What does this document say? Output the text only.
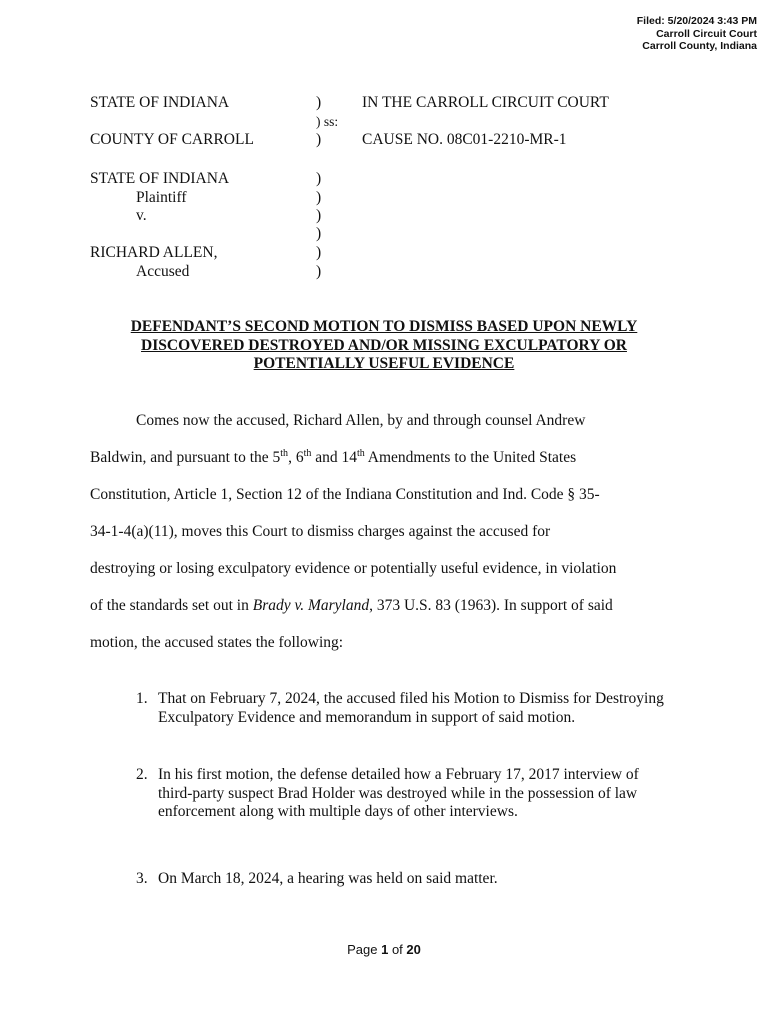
Filed: 5/20/2024 3:43 PM
Carroll Circuit Court
Carroll County, Indiana
STATE OF INDIANA	)	IN THE CARROLL CIRCUIT COURT
) ss:
COUNTY OF CARROLL	)	CAUSE NO. 08C01-2210-MR-1
STATE OF INDIANA	)
Plaintiff	)
v.	)
)
RICHARD ALLEN,	)
Accused	)
DEFENDANT’S SECOND MOTION TO DISMISS BASED UPON NEWLY
DISCOVERED DESTROYED AND/OR MISSING EXCULPATORY OR
POTENTIALLY USEFUL EVIDENCE
Comes now the accused, Richard Allen, by and through counsel Andrew
Baldwin, and pursuant to the 5th, 6th and 14th Amendments to the United States
Constitution, Article 1, Section 12 of the Indiana Constitution and Ind. Code § 35-
34-1-4(a)(11), moves this Court to dismiss charges against the accused for
destroying or losing exculpatory evidence or potentially useful evidence, in violation
of the standards set out in Brady v. Maryland, 373 U.S. 83 (1963). In support of said
motion, the accused states the following:
1. That on February 7, 2024, the accused filed his Motion to Dismiss for Destroying Exculpatory Evidence and memorandum in support of said motion.
2. In his first motion, the defense detailed how a February 17, 2017 interview of third-party suspect Brad Holder was destroyed while in the possession of law enforcement along with multiple days of other interviews.
3. On March 18, 2024, a hearing was held on said matter.
Page 1 of 20
